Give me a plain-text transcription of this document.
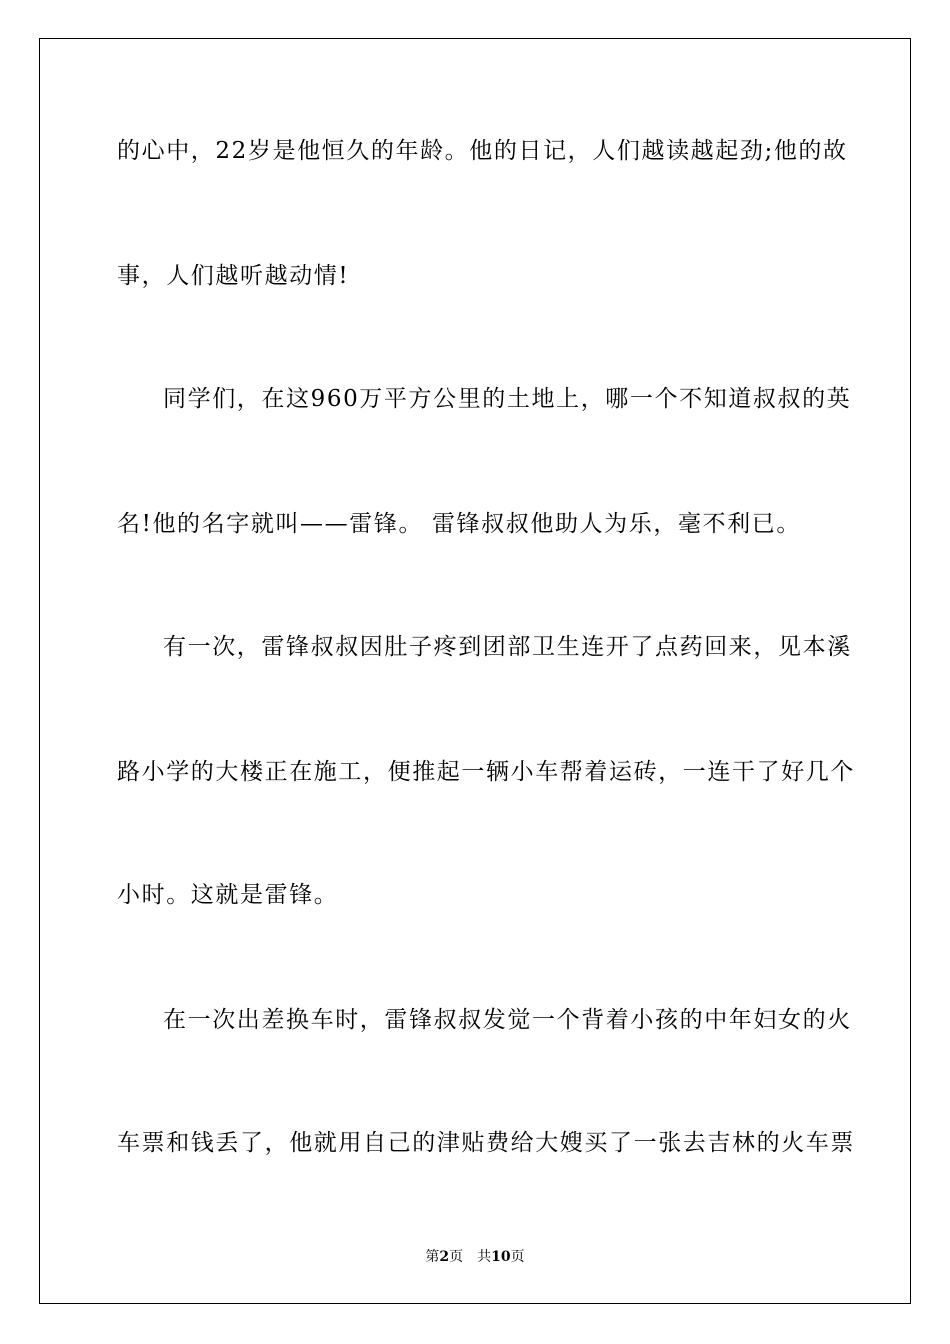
的心中，22岁是他恒久的年龄。他的日记，人们越读越起劲;他的故
事，人们越听越动情!
同学们，在这960万平方公里的土地上，哪一个不知道叔叔的英
名!他的名字就叫——雷锋。 雷锋叔叔他助人为乐，毫不利已。
有一次，雷锋叔叔因肚子疼到团部卫生连开了点药回来，见本溪
路小学的大楼正在施工，便推起一辆小车帮着运砖，一连干了好几个
小时。这就是雷锋。
在一次出差换车时，雷锋叔叔发觉一个背着小孩的中年妇女的火
车票和钱丢了，他就用自己的津贴费给大嫂买了一张去吉林的火车票
第2页 共10页
